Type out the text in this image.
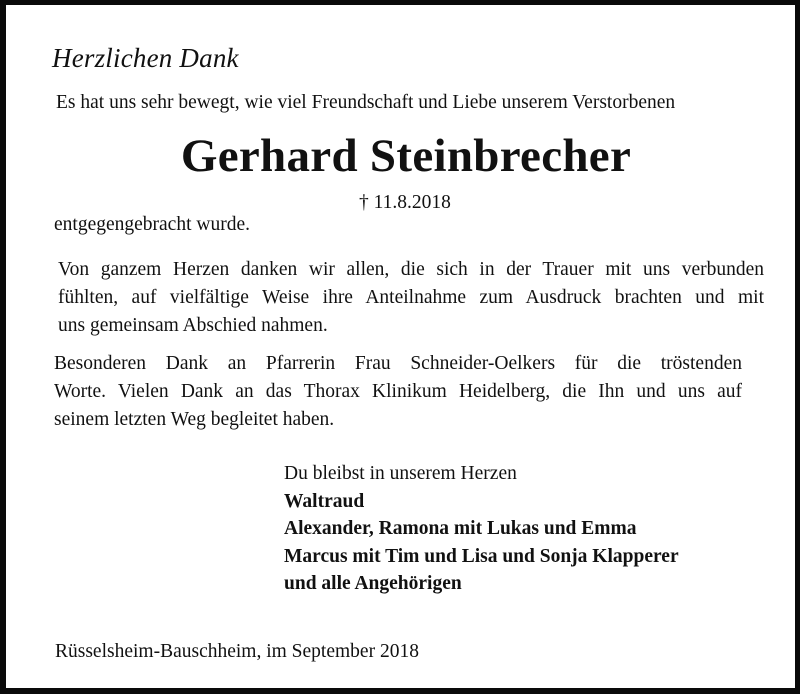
Herzlichen Dank
Es hat uns sehr bewegt, wie viel Freundschaft und Liebe unserem Verstorbenen
Gerhard Steinbrecher
† 11.8.2018
entgegengebracht wurde.
Von ganzem Herzen danken wir allen, die sich in der Trauer mit uns verbunden
fühlten, auf vielfältige Weise ihre Anteilnahme zum Ausdruck brachten und mit
uns gemeinsam Abschied nahmen.
Besonderen Dank an Pfarrerin Frau Schneider-Oelkers für die tröstenden
Worte. Vielen Dank an das Thorax Klinikum Heidelberg, die Ihn und uns auf
seinem letzten Weg begleitet haben.
Du bleibst in unserem Herzen
Waltraud
Alexander, Ramona mit Lukas und Emma
Marcus mit Tim und Lisa und Sonja Klapperer
und alle Angehörigen
Rüsselsheim-Bauschheim, im September 2018
